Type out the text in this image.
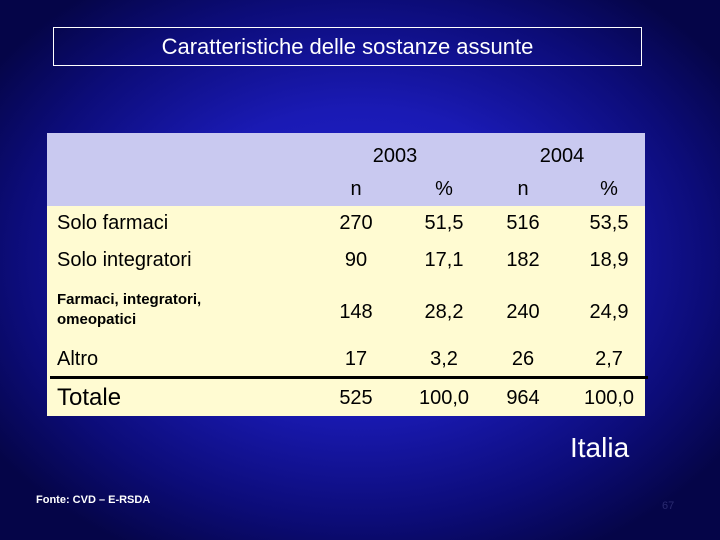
Caratteristiche delle sostanze assunte
2003	2004
n	%	n	%
Solo farmaci	270	51,5	516	53,5
Solo integratori	90	17,1	182	18,9
Farmaci, integratori,
omeopatici	148	28,2	240	24,9
Altro	17	3,2	26	2,7
Totale	525	100,0	964	100,0
Italia
Fonte: CVD – E-RSDA	67
